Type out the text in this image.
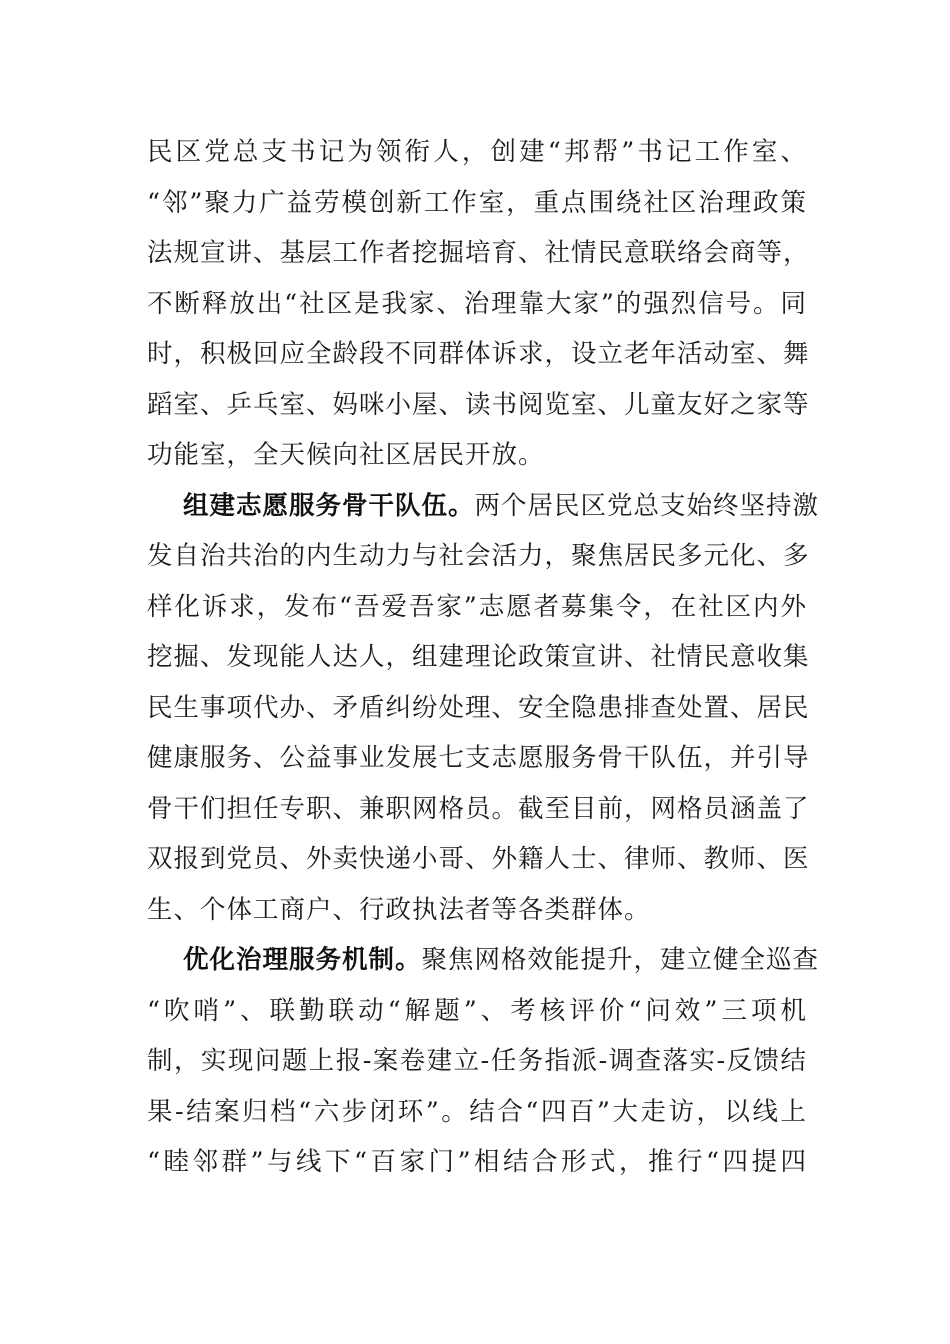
民区党总支书记为领衔人，创建“邦帮”书记工作室、
“邻”聚力广益劳模创新工作室，重点围绕社区治理政策
法规宣讲、基层工作者挖掘培育、社情民意联络会商等，
不断释放出“社区是我家、治理靠大家”的强烈信号。同
时，积极回应全龄段不同群体诉求，设立老年活动室、舞
蹈室、乒乓室、妈咪小屋、读书阅览室、儿童友好之家等
功能室，全天候向社区居民开放。
组建志愿服务骨干队伍。两个居民区党总支始终坚持激
发自治共治的内生动力与社会活力，聚焦居民多元化、多
样化诉求，发布“吾爱吾家”志愿者募集令，在社区内外
挖掘、发现能人达人，组建理论政策宣讲、社情民意收集
民生事项代办、矛盾纠纷处理、安全隐患排查处置、居民
健康服务、公益事业发展七支志愿服务骨干队伍，并引导
骨干们担任专职、兼职网格员。截至目前，网格员涵盖了
双报到党员、外卖快递小哥、外籍人士、律师、教师、医
生、个体工商户、行政执法者等各类群体。
优化治理服务机制。聚焦网格效能提升，建立健全巡查
“吹哨”、联勤联动“解题”、考核评价“问效”三项机
制，实现问题上报-案卷建立-任务指派-调查落实-反馈结
果-结案归档“六步闭环”。结合“四百”大走访，以线上
“睦邻群”与线下“百家门”相结合形式，推行“四提四
